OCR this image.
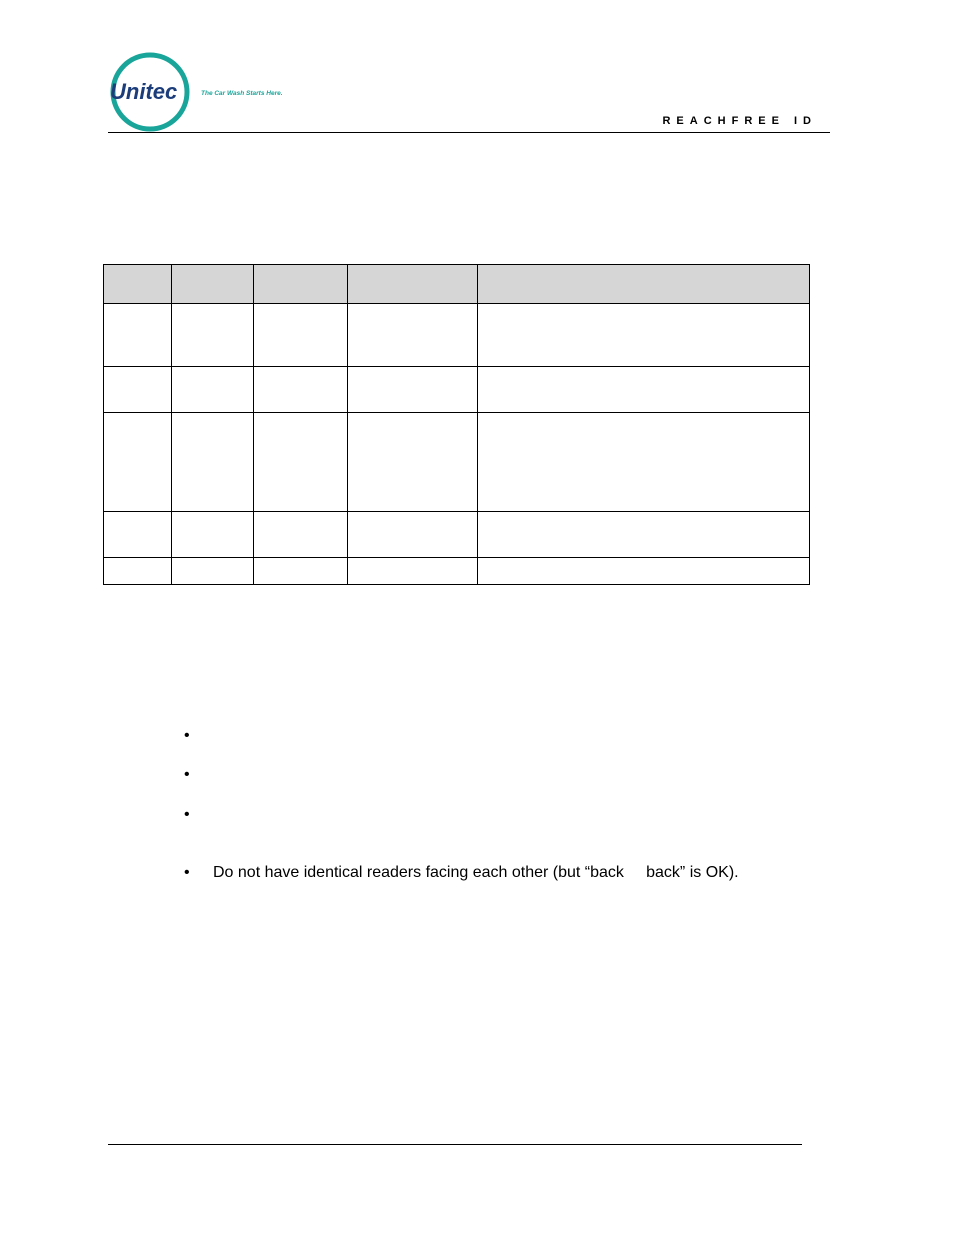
Unitec	The Car Wash Starts Here.
REACHFREE ID

•
•
•
• Do not have identical readers facing each other (but “back     back” is OK).
